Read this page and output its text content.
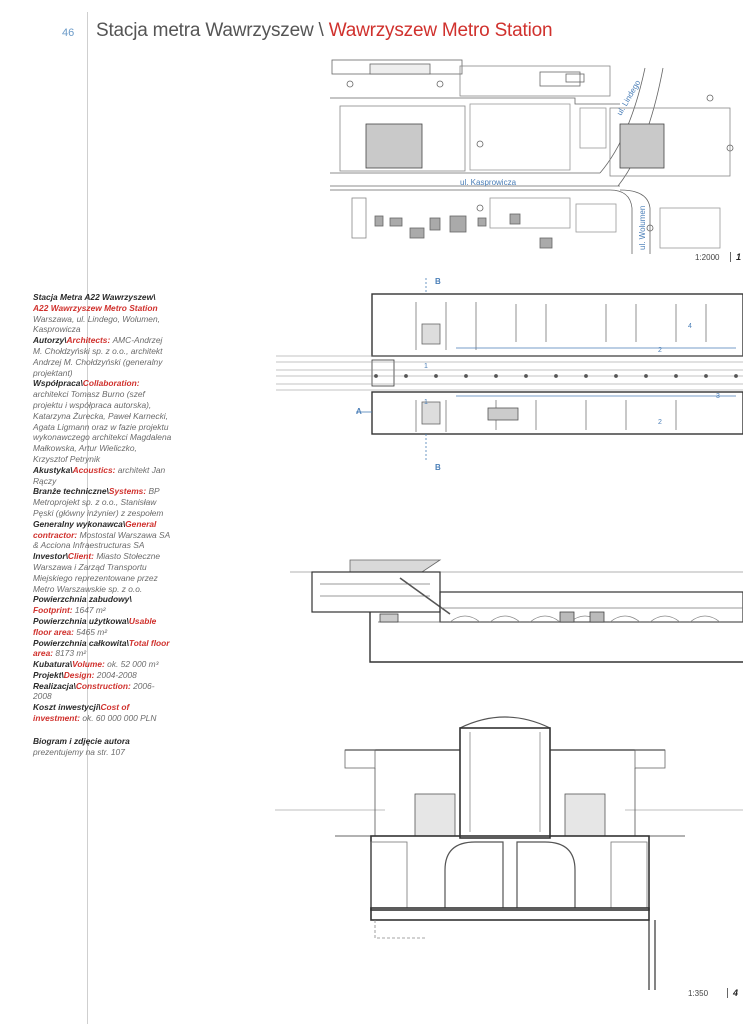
46 Stacja metra Wawrzyszew \ Wawrzyszew Metro Station
ul. Lindego
ul. Kasprowicza
ul. Wolumen
1:2000	1
B
B
A
1
1
2
2
3
4
1:350	4

Stacja Metra A22 Wawrzyszew\

A22 Wawrzyszew Metro Station

Warszawa, ul. Lindego, Wolumen, Kasprowicza

Autorzy\Architects: AMC-Andrzej M. Chołdzyński sp. z o.o., architekt Andrzej M. Chołdzyński (generalny projektant)

Współpraca\Collaboration: architekci Tomasz Burno (szef projektu i współpraca autorska), Katarzyna Żurecka, Paweł Karnecki, Agata Ligmann oraz w fazie projektu wykonawczego architekci Magdalena Małkowska, Artur Wieliczko, Krzysztof Petrynik

Akustyka\Acoustics: architekt Jan Rączy

Branże techniczne\Systems: BP Metroprojekt sp. z o.o., Stanisław Pęski (główny inżynier) z zespołem

Generalny wykonawca\General contractor: Mostostal Warszawa SA & Acciona Infraestructuras SA

Investor\Client: Miasto Stołeczne Warszawa i Zarząd Transportu Miejskiego reprezentowane przez Metro Warszawskie sp. z o.o.

Powierzchnia zabudowy\ Footprint: 1647 m²

Powierzchnia użytkowa\Usable floor area: 5465 m²

Powierzchnia całkowita\Total floor area: 8173 m²

Kubatura\Volume: ok. 52 000 m³

Projekt\Design: 2004-2008

Realizacja\Construction: 2006-2008

Koszt inwestycji\Cost of investment: ok. 60 000 000 PLN

Biogram i zdjęcie autora

prezentujemy na str. 107
